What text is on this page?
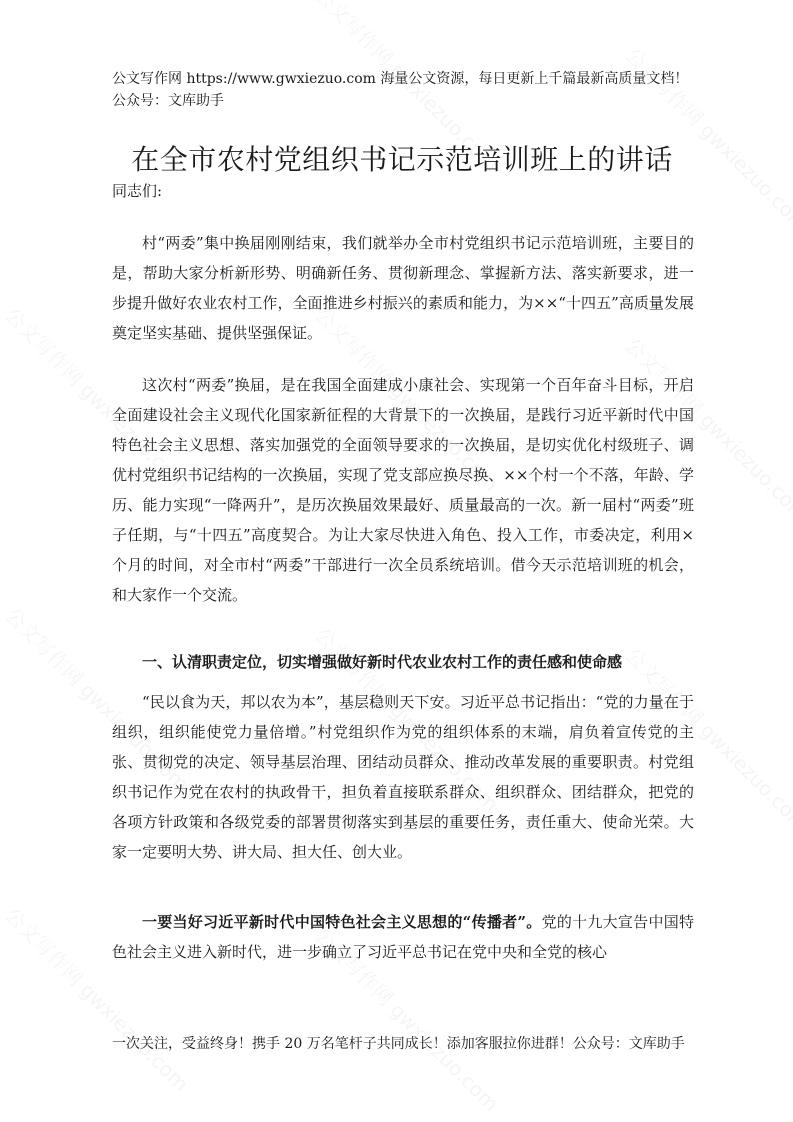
公文写作网 https://www.gwxiezuo.com 海量公文资源，每日更新上千篇最新高质量文档！ 公众号：文库助手
在全市农村党组织书记示范培训班上的讲话
同志们:

村“两委”集中换届刚刚结束，我们就举办全市村党组织书记示范培训班，主要目的是，帮助大家分析新形势、明确新任务、贯彻新理念、掌握新方法、落实新要求，进一步提升做好农业农村工作，全面推进乡村振兴的素质和能力，为××“十四五”高质量发展奠定坚实基础、提供坚强保证。

这次村“两委”换届，是在我国全面建成小康社会、实现第一个百年奋斗目标，开启全面建设社会主义现代化国家新征程的大背景下的一次换届，是践行习近平新时代中国特色社会主义思想、落实加强党的全面领导要求的一次换届，是切实优化村级班子、调优村党组织书记结构的一次换届，实现了党支部应换尽换、××个村一个不落，年龄、学历、能力实现“一降两升”，是历次换届效果最好、质量最高的一次。新一届村“两委”班子任期，与“十四五”高度契合。为让大家尽快进入角色、投入工作，市委决定，利用×个月的时间，对全市村“两委”干部进行一次全员系统培训。借今天示范培训班的机会，和大家作一个交流。

一、认清职责定位，切实增强做好新时代农业农村工作的责任感和使命感

“民以食为天，邦以农为本”，基层稳则天下安。习近平总书记指出：“党的力量在于组织，组织能使党力量倍增。”村党组织作为党的组织体系的末端，肩负着宣传党的主张、贯彻党的决定、领导基层治理、团结动员群众、推动改革发展的重要职责。村党组织书记作为党在农村的执政骨干，担负着直接联系群众、组织群众、团结群众，把党的各项方针政策和各级党委的部署贯彻落实到基层的重要任务，责任重大、使命光荣。大家一定要明大势、讲大局、担大任、创大业。

一要当好习近平新时代中国特色社会主义思想的“传播者”。党的十九大宣告中国特色社会主义进入新时代，进一步确立了习近平总书记在党中央和全党的核心

一次关注，受益终身！携手 20 万名笔杆子共同成长！添加客服拉你进群！公众号：文库助手
